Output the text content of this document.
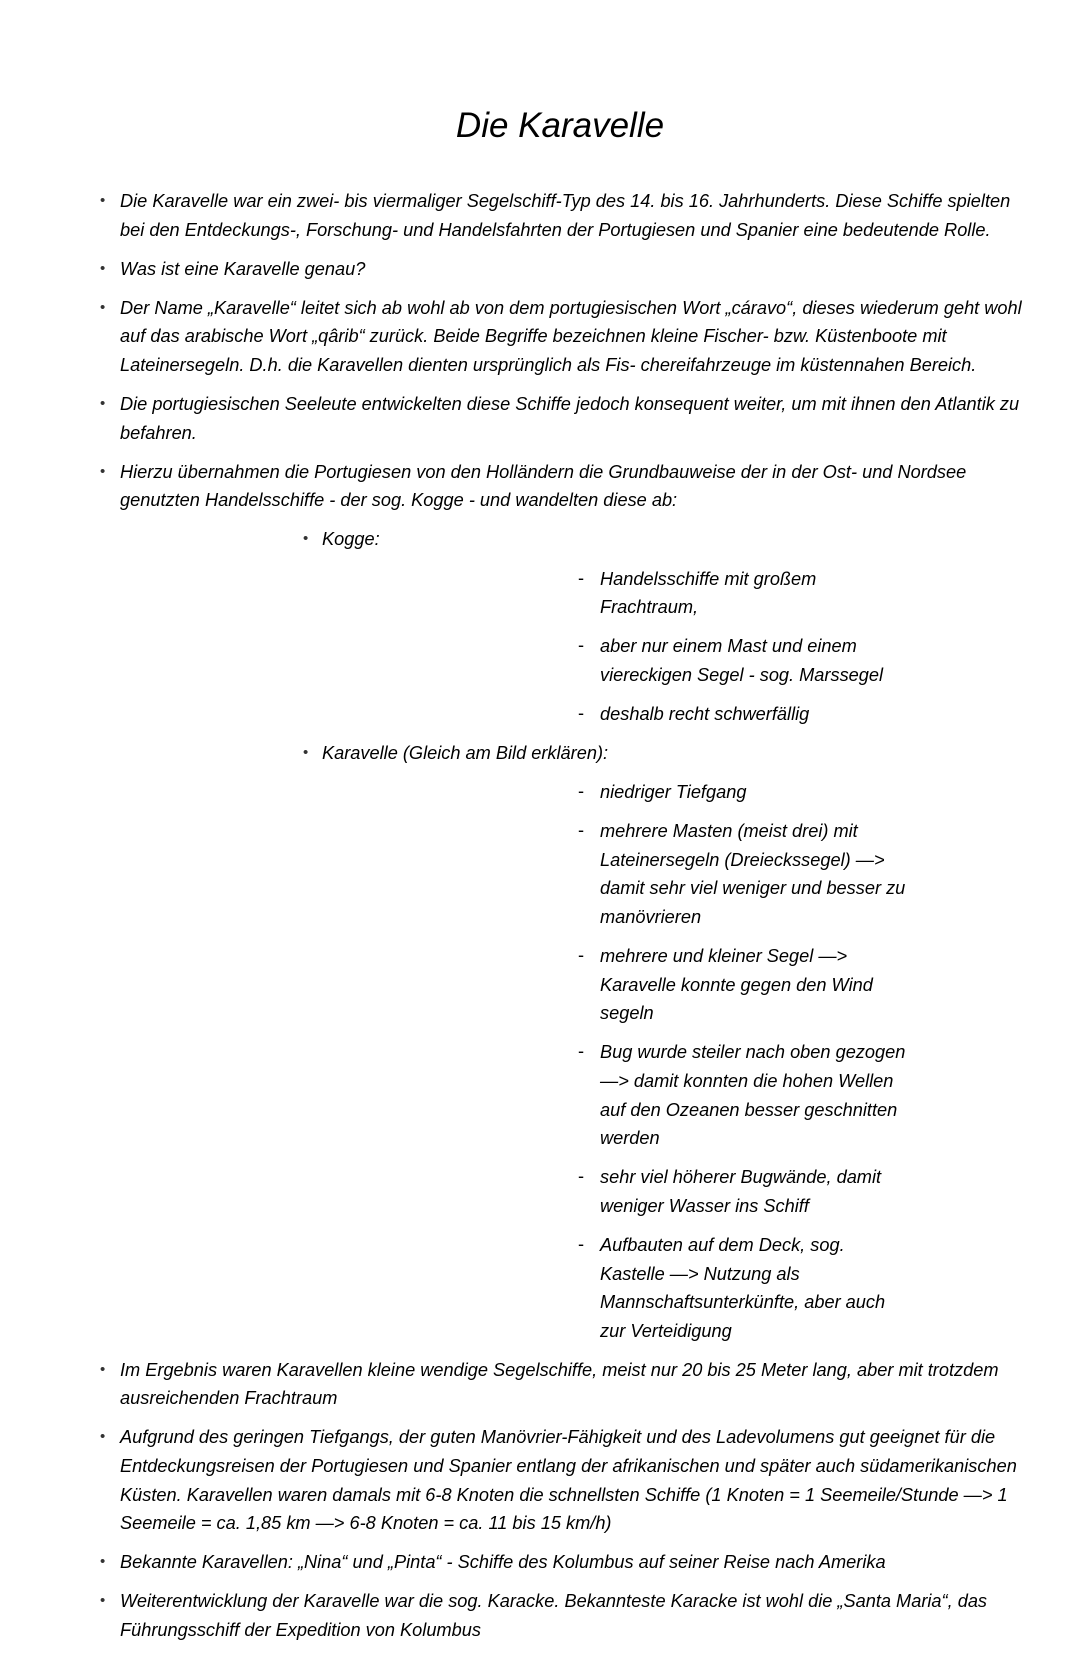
Die Karavelle
• Die Karavelle war ein zwei- bis viermaliger Segelschiff-Typ des 14. bis 16. Jahrhunderts. Diese Schiffe spielten bei den Entdeckungs-, Forschung- und Handelsfahrten der Portugiesen und Spanier eine bedeutende Rolle.
• Was ist eine Karavelle genau?
• Der Name „Karavelle“ leitet sich ab wohl ab von dem portugiesischen Wort „cáravo“, dieses wiederum geht wohl auf das arabische Wort „qârib“ zurück. Beide Begriffe bezeichnen kleine Fischer- bzw. Küstenboote mit Lateinersegeln. D.h. die Karavellen dienten ursprünglich als Fis- chereifahrzeuge im küstennahen Bereich.
• Die portugiesischen Seeleute entwickelten diese Schiffe jedoch konsequent weiter, um mit ihnen den Atlantik zu befahren.
• Hierzu übernahmen die Portugiesen von den Holländern die Grundbauweise der in der Ost- und Nordsee genutzten Handelsschiffe - der sog. Kogge - und wandelten diese ab:
• Kogge:
- Handelsschiffe mit großem Frachtraum,
- aber nur einem Mast und einem viereckigen Segel - sog. Marssegel
- deshalb recht schwerfällig
• Karavelle (Gleich am Bild erklären):
- niedriger Tiefgang
- mehrere Masten (meist drei) mit Lateinersegeln (Dreieckssegel) —> damit sehr viel weniger und besser zu manövrieren
- mehrere und kleiner Segel —> Karavelle konnte gegen den Wind segeln
- Bug wurde steiler nach oben gezogen —> damit konnten die hohen Wellen auf den Ozeanen besser geschnitten werden
- sehr viel höherer Bugwände, damit weniger Wasser ins Schiff
- Aufbauten auf dem Deck, sog. Kastelle —> Nutzung als Mannschaftsunterkünfte, aber auch zur Verteidigung
• Im Ergebnis waren Karavellen kleine wendige Segelschiffe, meist nur 20 bis 25 Meter lang, aber mit trotzdem ausreichenden Frachtraum
• Aufgrund des geringen Tiefgangs, der guten Manövrier-Fähigkeit und des Ladevolumens gut geeignet für die Entdeckungsreisen der Portugiesen und Spanier entlang der afrikanischen und später auch südamerikanischen Küsten. Karavellen waren damals mit 6-8 Knoten die schnellsten Schiffe (1 Knoten = 1 Seemeile/Stunde —> 1 Seemeile = ca. 1,85 km —> 6-8 Knoten = ca. 11 bis 15 km/h)
• Bekannte Karavellen: „Nina“ und „Pinta“ - Schiffe des Kolumbus auf seiner Reise nach Amerika
• Weiterentwicklung der Karavelle war die sog. Karacke. Bekannteste Karacke ist wohl die „Santa Maria“, das Führungsschiff der Expedition von Kolumbus
